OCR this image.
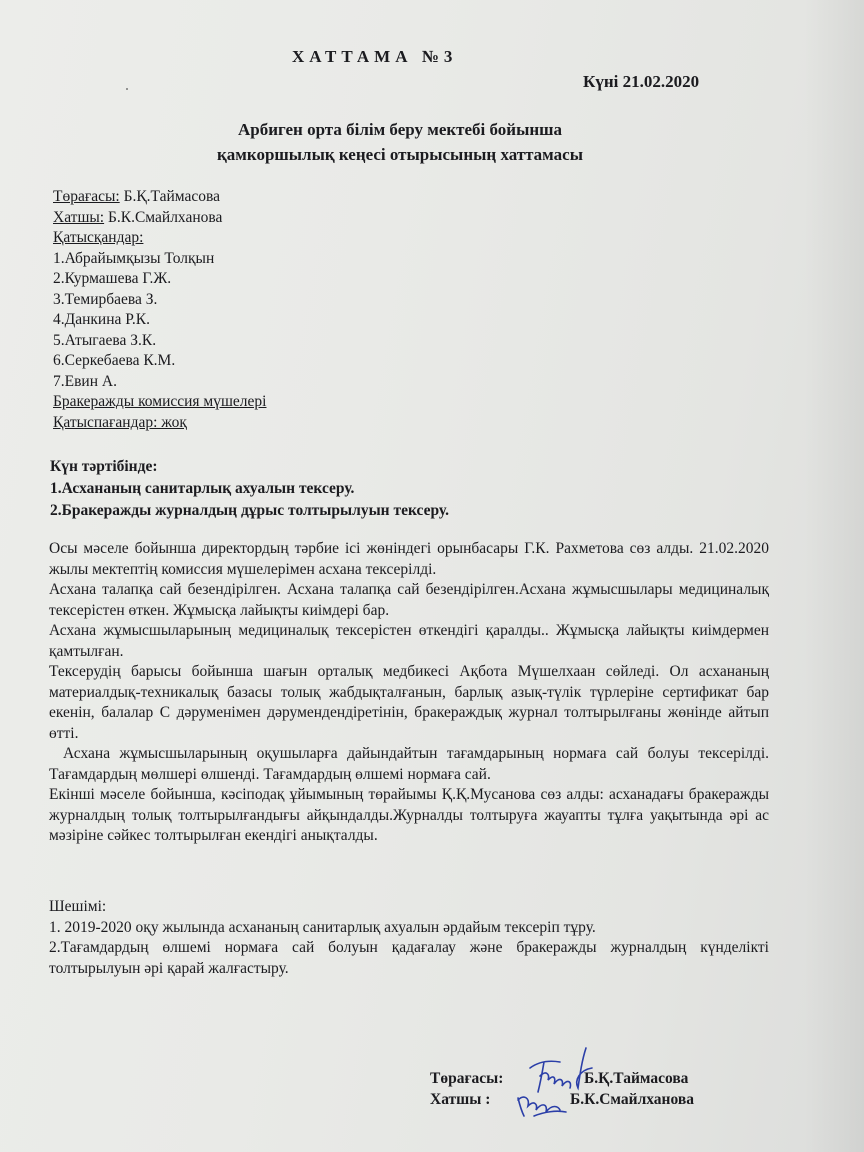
ХАТТАМА №3
Күні 21.02.2020
Арбиген орта білім беру мектебі бойынша
қамкоршылық кеңесі отырысының хаттамасы
Төрағасы: Б.Қ.Таймасова
Хатшы: Б.К.Смайлханова
Қатысқандар:
1.Абрайымқызы Толқын
2.Курмашева Г.Ж.
3.Темирбаева З.
4.Данкина Р.К.
5.Атыгаева З.К.
6.Серкебаева К.М.
7.Евин А.
Бракеражды комиссия мүшелері
Қатыспағандар: жоқ
Күн тәртібінде:
1.Асхананың санитарлық ахуалын тексеру.
2.Бракеражды журналдың дұрыс толтырылуын тексеру.

Осы мәселе бойынша директордың тәрбие ісі жөніндегі орынбасары Г.К. Рахметова сөз алды. 21.02.2020 жылы мектептің комиссия мүшелерімен асхана тексерілді.

Асхана талапқа сай безендірілген. Асхана талапқа сай безендірілген.Асхана жұмысшылары медициналық тексерістен өткен. Жұмысқа лайықты киімдері бар.

Асхана жұмысшыларының медициналық тексерістен өткендігі қаралды.. Жұмысқа лайықты киімдермен қамтылған.

Тексерудің барысы бойынша шағын орталық медбикесі Ақбота Мүшелхаан сөйледі. Ол асхананың материалдық-техникалық базасы толық жабдықталғанын, барлық азық-түлік түрлеріне сертификат бар екенін, балалар С дәруменімен дәрумендендіретінін, бракераждық журнал толтырылғаны жөнінде айтып өтті.

Асхана жұмысшыларының оқушыларға дайындайтын тағамдарының нормаға сай болуы тексерілді. Тағамдардың мөлшері өлшенді. Тағамдардың өлшемі нормаға сай.

Екінші мәселе бойынша, кәсіподақ ұйымының төрайымы Қ.Қ.Мусанова сөз алды: асханадағы бракеражды журналдың толық толтырылғандығы айқындалды.Журналды толтыруға жауапты тұлға уақытында әрі ас мәзіріне сәйкес толтырылған екендігі анықталды.

Шешімі:

1. 2019-2020 оқу жылында асхананың санитарлық ахуалын әрдайым тексеріп тұру.

2.Тағамдардың өлшемі нормаға сай болуын қадағалау және бракеражды журналдың күнделікті толтырылуын әрі қарай жалғастыру.

Төрағасы:	Б.Қ.Таймасова
Хатшы :	Б.К.Смайлханова
